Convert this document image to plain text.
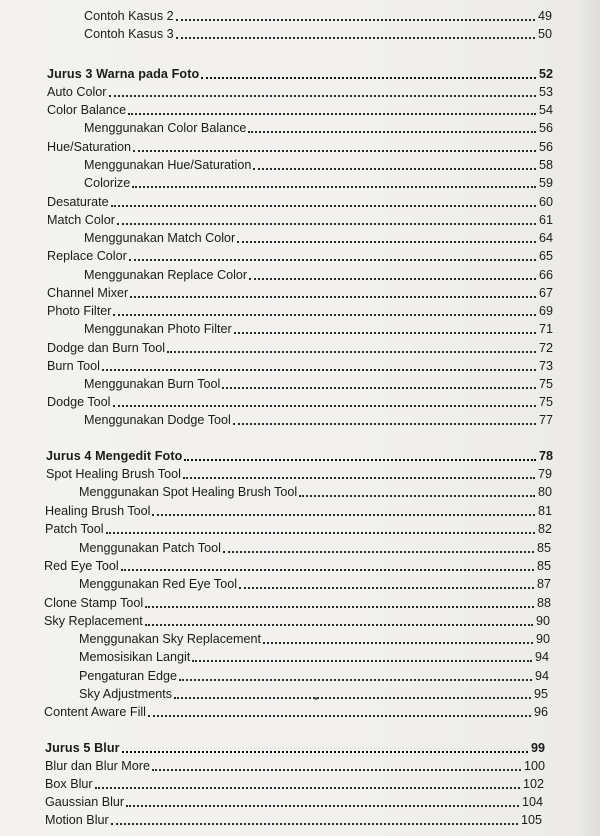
Contoh Kasus 2	49
Contoh Kasus 3	50
Jurus 3 Warna pada Foto	52
Auto Color	53
Color Balance	54
Menggunakan Color Balance	56
Hue/Saturation	56
Menggunakan Hue/Saturation	58
Colorize	59
Desaturate	60
Match Color	61
Menggunakan Match Color	64
Replace Color	65
Menggunakan Replace Color	66
Channel Mixer	67
Photo Filter	69
Menggunakan Photo Filter	71
Dodge dan Burn Tool	72
Burn Tool	73
Menggunakan Burn Tool	75
Dodge Tool	75
Menggunakan Dodge Tool	77
Jurus 4 Mengedit Foto	78
Spot Healing Brush Tool	79
Menggunakan Spot Healing Brush Tool	80
Healing Brush Tool	81
Patch Tool	82
Menggunakan Patch Tool	85
Red Eye Tool	85
Menggunakan Red Eye Tool	87
Clone Stamp Tool	88
Sky Replacement	90
Menggunakan Sky Replacement	90
Memosisikan Langit	94
Pengaturan Edge	94
Sky Adjustments	95
Content Aware Fill	96
•
Jurus 5 Blur	99
Blur dan Blur More	100
Box Blur	102
Gaussian Blur	104
Motion Blur	105
